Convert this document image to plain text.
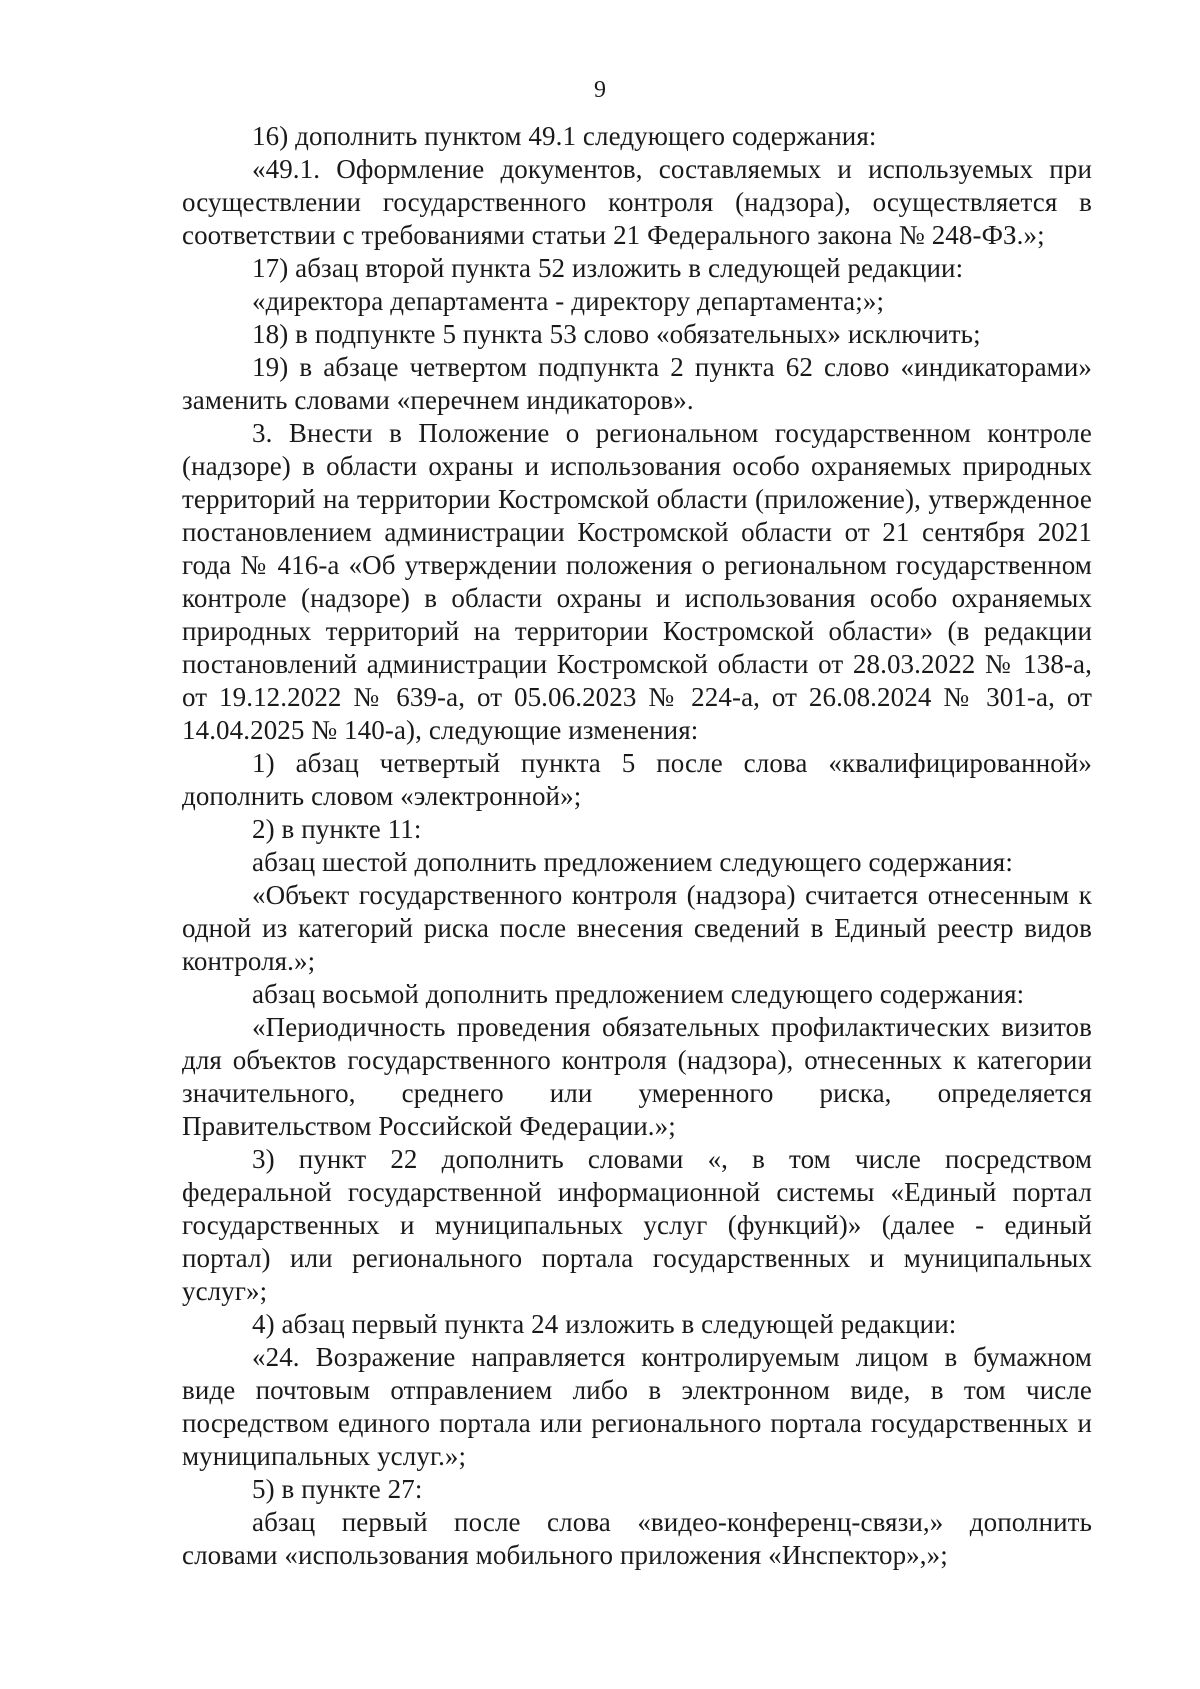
9

16) дополнить пунктом 49.1 следующего содержания:

«49.1. Оформление документов, составляемых и используемых при осуществлении государственного контроля (надзора), осуществляется в соответствии с требованиями статьи 21 Федерального закона № 248-ФЗ.»;

17) абзац второй пункта 52 изложить в следующей редакции:

«директора департамента - директору департамента;»;

18) в подпункте 5 пункта 53 слово «обязательных» исключить;

19) в абзаце четвертом подпункта 2 пункта 62 слово «индикаторами» заменить словами «перечнем индикаторов».

3. Внести в Положение о региональном государственном контроле (надзоре) в области охраны и использования особо охраняемых природных территорий на территории Костромской области (приложение), утвержденное постановлением администрации Костромской области от 21 сентября 2021 года № 416-а «Об утверждении положения о региональном государственном контроле (надзоре) в области охраны и использования особо охраняемых природных территорий на территории Костромской области» (в редакции постановлений администрации Костромской области от 28.03.2022 № 138-а, от 19.12.2022 № 639-а, от 05.06.2023 № 224-а, от 26.08.2024 № 301-а, от 14.04.2025 № 140-а), следующие изменения:

1) абзац четвертый пункта 5 после слова «квалифицированной» дополнить словом «электронной»;

2) в пункте 11:

абзац шестой дополнить предложением следующего содержания:

«Объект государственного контроля (надзора) считается отнесенным к одной из категорий риска после внесения сведений в Единый реестр видов контроля.»;

абзац восьмой дополнить предложением следующего содержания:

«Периодичность проведения обязательных профилактических визитов для объектов государственного контроля (надзора), отнесенных к категории значительного, среднего или умеренного риска, определяется Правительством Российской Федерации.»;

3) пункт 22 дополнить словами «, в том числе посредством федеральной государственной информационной системы «Единый портал государственных и муниципальных услуг (функций)» (далее - единый портал) или регионального портала государственных и муниципальных услуг»;

4) абзац первый пункта 24 изложить в следующей редакции:

«24. Возражение направляется контролируемым лицом в бумажном виде почтовым отправлением либо в электронном виде, в том числе посредством единого портала или регионального портала государственных и муниципальных услуг.»;

5) в пункте 27:

абзац первый после слова «видео-конференц-связи,» дополнить словами «использования мобильного приложения «Инспектор»,»;
